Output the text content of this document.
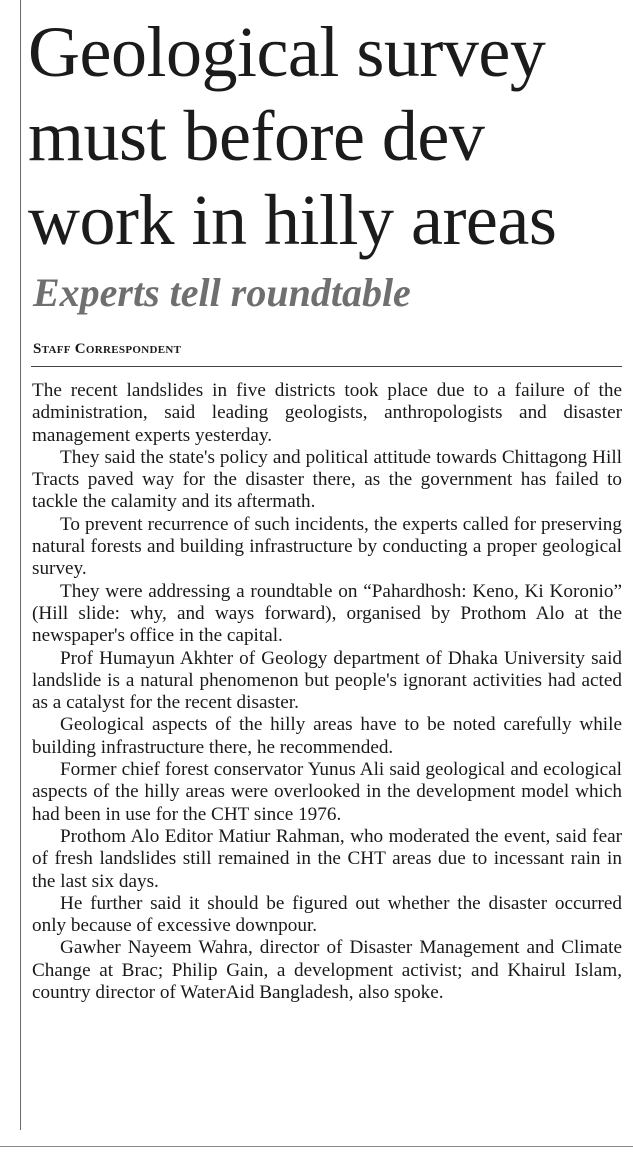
Geological survey must before dev work in hilly areas
Experts tell roundtable
Staff Correspondent

The recent landslides in five districts took place due to a failure of the administration, said leading geologists, anthropologists and disaster management experts yesterday.

They said the state's policy and political attitude towards Chittagong Hill Tracts paved way for the disaster there, as the government has failed to tackle the calamity and its aftermath.

To prevent recurrence of such incidents, the experts called for preserving natural forests and building infrastructure by conducting a proper geological survey.

They were addressing a roundtable on “Pahardhosh: Keno, Ki Koronio” (Hill slide: why, and ways forward), organised by Prothom Alo at the newspaper's office in the capital.

Prof Humayun Akhter of Geology department of Dhaka University said landslide is a natural phenomenon but people's ignorant activities had acted as a catalyst for the recent disaster.

Geological aspects of the hilly areas have to be noted carefully while building infrastructure there, he recommended.

Former chief forest conservator Yunus Ali said geological and ecological aspects of the hilly areas were overlooked in the development model which had been in use for the CHT since 1976.

Prothom Alo Editor Matiur Rahman, who moderated the event, said fear of fresh landslides still remained in the CHT areas due to incessant rain in the last six days.

He further said it should be figured out whether the disaster occurred only because of excessive downpour.

Gawher Nayeem Wahra, director of Disaster Management and Climate Change at Brac; Philip Gain, a development activist; and Khairul Islam, country director of WaterAid Bangladesh, also spoke.
